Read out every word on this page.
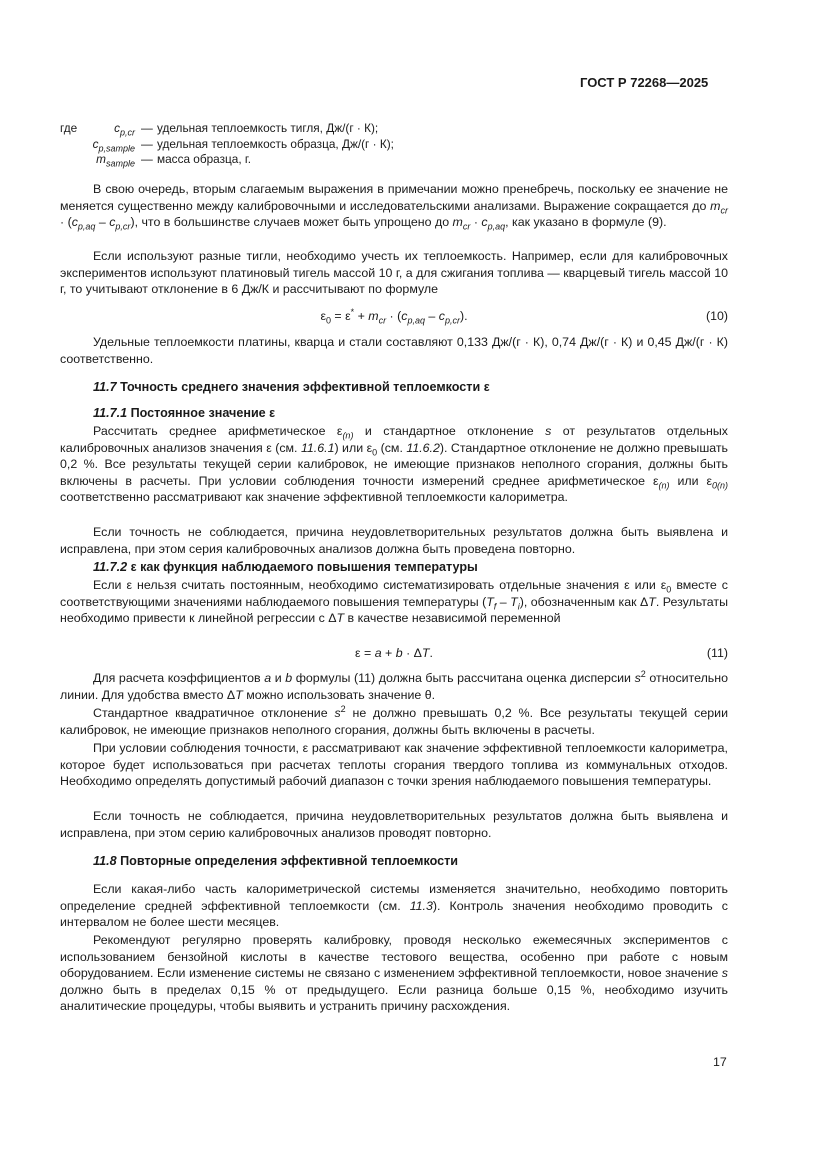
ГОСТ Р 72268—2025
где	$c_{p,cr}$	—	удельная теплоемкость тигля, Дж/(г · К);
	$c_{p,sample}$	—	удельная теплоемкость образца, Дж/(г · К);
	$m_{sample}$	—	масса образца, г.

В свою очередь, вторым слагаемым выражения в примечании можно пренебречь, поскольку ее значение не меняется существенно между калибровочными и исследовательскими анализами. Выражение сокращается до $m_{cr} \cdot (c_{p,aq} - c_{p,cr})$, что в большинстве случаев может быть упрощено до $m_{cr} \cdot c_{p,aq}$, как указано в формуле (9).

Если используют разные тигли, необходимо учесть их теплоемкость. Например, если для калибровочных экспериментов используют платиновый тигель массой 10 г, а для сжигания топлива — кварцевый тигель массой 10 г, то учитывают отклонение в 6 Дж/К и рассчитывают по формуле

$\varepsilon_0 = \varepsilon^* + m_{cr} \cdot (c_{p,aq} - c_{p,cr})$.	(10)

Удельные теплоемкости платины, кварца и стали составляют 0,133 Дж/(г · К), 0,74 Дж/(г · К) и 0,45 Дж/(г · К) соответственно.

11.7 Точность среднего значения эффективной теплоемкости ε
11.7.1 Постоянное значение ε

Рассчитать среднее арифметическое $\varepsilon_{(n)}$ и стандартное отклонение s от результатов отдельных калибровочных анализов значения ε (см. 11.6.1) или $\varepsilon_0$ (см. 11.6.2). Стандартное отклонение не должно превышать 0,2 %. Все результаты текущей серии калибровок, не имеющие признаков неполного сгорания, должны быть включены в расчеты. При условии соблюдения точности измерений среднее арифметическое $\varepsilon_{(n)}$ или $\varepsilon_{0(n)}$ соответственно рассматривают как значение эффективной теплоемкости калориметра.

Если точность не соблюдается, причина неудовлетворительных результатов должна быть выявлена и исправлена, при этом серия калибровочных анализов должна быть проведена повторно.

11.7.2 ε как функция наблюдаемого повышения температуры

Если ε нельзя считать постоянным, необходимо систематизировать отдельные значения ε или $\varepsilon_0$ вместе с соответствующими значениями наблюдаемого повышения температуры $(T_f - T_i)$, обозначенным как ΔT. Результаты необходимо привести к линейной регрессии с ΔT в качестве независимой переменной

ε = a + b · ΔT.	(11)

Для расчета коэффициентов a и b формулы (11) должна быть рассчитана оценка дисперсии $s^2$ относительно линии. Для удобства вместо ΔT можно использовать значение θ.

Стандартное квадратичное отклонение $s^2$ не должно превышать 0,2 %. Все результаты текущей серии калибровок, не имеющие признаков неполного сгорания, должны быть включены в расчеты.

При условии соблюдения точности, ε рассматривают как значение эффективной теплоемкости калориметра, которое будет использоваться при расчетах теплоты сгорания твердого топлива из коммунальных отходов. Необходимо определять допустимый рабочий диапазон с точки зрения наблюдаемого повышения температуры.

Если точность не соблюдается, причина неудовлетворительных результатов должна быть выявлена и исправлена, при этом серию калибровочных анализов проводят повторно.

11.8 Повторные определения эффективной теплоемкости

Если какая-либо часть калориметрической системы изменяется значительно, необходимо повторить определение средней эффективной теплоемкости (см. 11.3). Контроль значения необходимо проводить с интервалом не более шести месяцев.

Рекомендуют регулярно проверять калибровку, проводя несколько ежемесячных экспериментов с использованием бензойной кислоты в качестве тестового вещества, особенно при работе с новым оборудованием. Если изменение системы не связано с изменением эффективной теплоемкости, новое значение s должно быть в пределах 0,15 % от предыдущего. Если разница больше 0,15 %, необходимо изучить аналитические процедуры, чтобы выявить и устранить причину расхождения.

17
